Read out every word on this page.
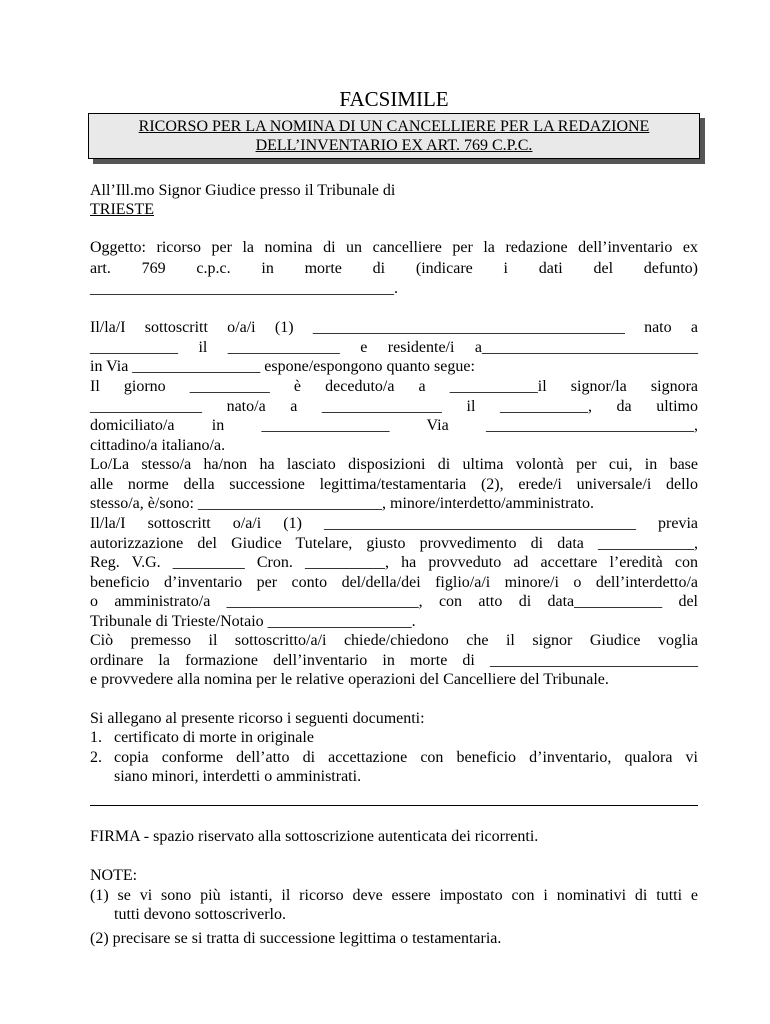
FACSIMILE
RICORSO PER LA NOMINA DI UN CANCELLIERE PER LA REDAZIONE
DELL’INVENTARIO EX ART. 769 C.P.C.
All’Ill.mo Signor Giudice presso il Tribunale di
TRIESTE
Oggetto: ricorso per la nomina di un cancelliere per la redazione dell’inventario ex
art. 769 c.p.c. in morte di (indicare i dati del defunto)
______________________________________.
Il/la/I sottoscritt o/a/i (1) _______________________________________ nato a
___________ il ______________ e residente/i a___________________________
in Via ________________ espone/espongono quanto segue:
Il giorno __________ è deceduto/a a ___________il signor/la signora
______________ nato/a a _______________ il ___________, da ultimo
domiciliato/a in ________________ Via __________________________,
cittadino/a italiano/a.
Lo/La stesso/a ha/non ha lasciato disposizioni di ultima volontà per cui, in base
alle norme della successione legittima/testamentaria (2), erede/i universale/i dello
stesso/a, è/sono: _______________________, minore/interdetto/amministrato.
Il/la/I sottoscritt o/a/i (1) _______________________________________ previa
autorizzazione del Giudice Tutelare, giusto provvedimento di data ____________,
Reg. V.G. _________ Cron. __________, ha provveduto ad accettare l’eredità con
beneficio d’inventario per conto del/della/dei figlio/a/i minore/i o dell’interdetto/a
o amministrato/a ________________________, con atto di data___________ del
Tribunale di Trieste/Notaio __________________.
Ciò premesso il sottoscritto/a/i chiede/chiedono che il signor Giudice voglia
ordinare la formazione dell’inventario in morte di __________________________
e provvedere alla nomina per le relative operazioni del Cancelliere del Tribunale.
Si allegano al presente ricorso i seguenti documenti:
1. certificato di morte in originale
2. copia conforme dell’atto di accettazione con beneficio d’inventario, qualora vi
siano minori, interdetti o amministrati.
FIRMA - spazio riservato alla sottoscrizione autenticata dei ricorrenti.
NOTE:
(1) se vi sono più istanti, il ricorso deve essere impostato con i nominativi di tutti e
tutti devono sottoscriverlo.
(2) precisare se si tratta di successione legittima o testamentaria.
